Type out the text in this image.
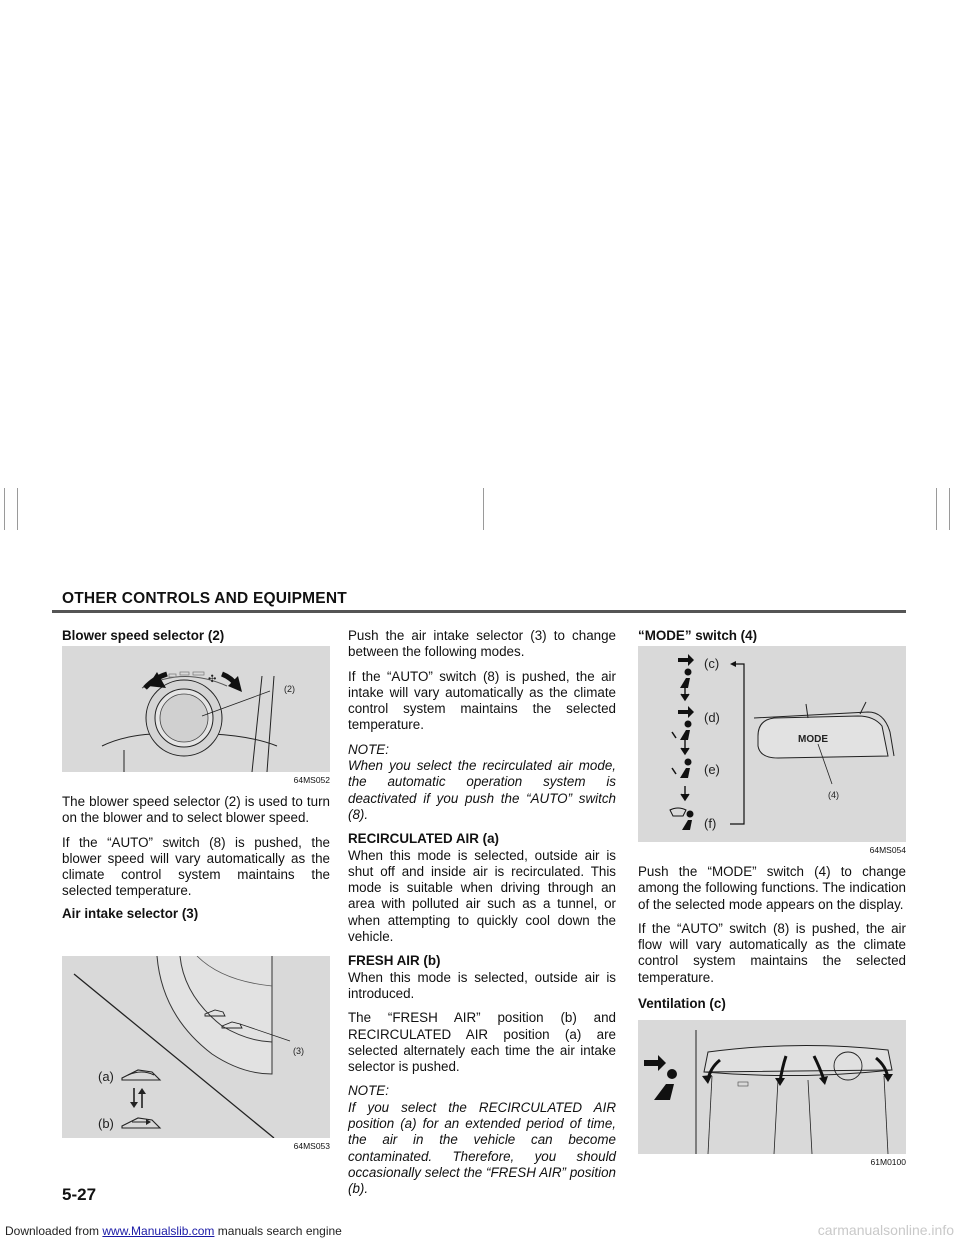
OTHER CONTROLS AND EQUIPMENT
Blower speed selector (2)
✣
(2)
64MS052

The blower speed selector (2) is used to turn on the blower and to select blower speed.

If the “AUTO” switch (8) is pushed, the blower speed will vary automatically as the climate control system maintains the selected temperature.

Air intake selector (3)
(3)
(a)
(b)
64MS053

Push the air intake selector (3) to change between the following modes.

If the “AUTO” switch (8) is pushed, the air intake will vary automatically as the climate control system maintains the selected temperature.

NOTE:

When you select the recirculated air mode, the automatic operation system is deactivated if you push the “AUTO” switch (8).

RECIRCULATED AIR (a)

When this mode is selected, outside air is shut off and inside air is recirculated. This mode is suitable when driving through an area with polluted air such as a tunnel, or when attempting to quickly cool down the vehicle.

FRESH AIR (b)

When this mode is selected, outside air is introduced.

The “FRESH AIR” position (b) and RECIRCULATED AIR position (a) are selected alternately each time the air intake selector is pushed.

NOTE:

If you select the RECIRCULATED AIR position (a) for an extended period of time, the air in the vehicle can become contaminated. Therefore, you should occasionally select the “FRESH AIR” position (b).

“MODE” switch (4)
(c)
(d)
(e)
(f)
MODE
(4)
64MS054

Push the “MODE” switch (4) to change among the following functions. The indication of the selected mode appears on the display.

If the “AUTO” switch (8) is pushed, the air flow will vary automatically as the climate control system maintains the selected temperature.

Ventilation (c)
61M0100
5-27
Downloaded from www.Manualslib.com manuals search engine	carmanualsonline.info
